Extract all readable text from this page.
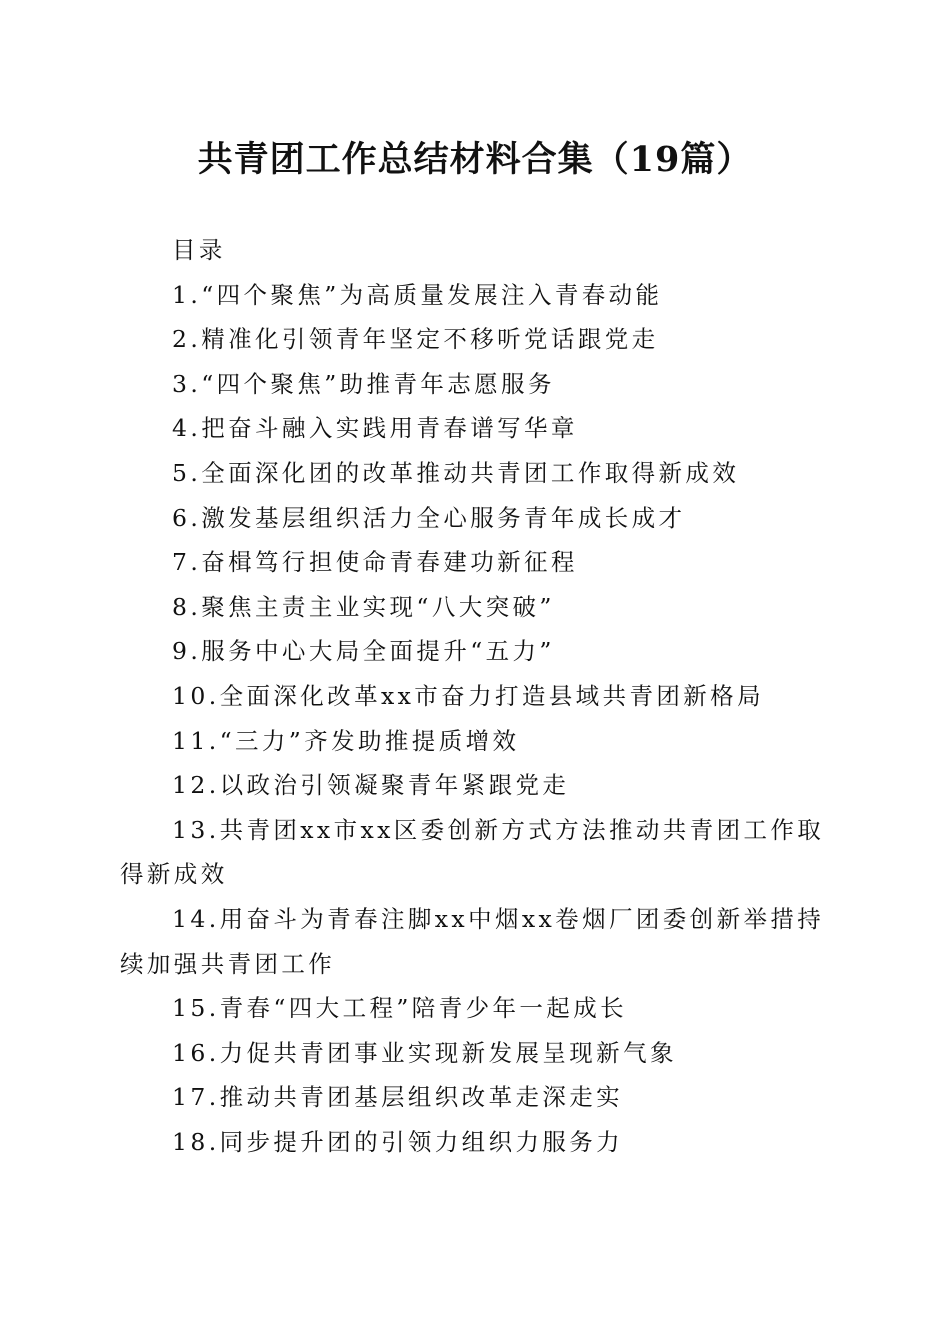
共青团工作总结材料合集（19篇）
目录
1.“四个聚焦”为高质量发展注入青春动能
2.精准化引领青年坚定不移听党话跟党走
3.“四个聚焦”助推青年志愿服务
4.把奋斗融入实践用青春谱写华章
5.全面深化团的改革推动共青团工作取得新成效
6.激发基层组织活力全心服务青年成长成才
7.奋楫笃行担使命青春建功新征程
8.聚焦主责主业实现“八大突破”
9.服务中心大局全面提升“五力”
10.全面深化改革xx市奋力打造县域共青团新格局
11.“三力”齐发助推提质增效
12.以政治引领凝聚青年紧跟党走
13.共青团xx市xx区委创新方式方法推动共青团工作取得新成效
14.用奋斗为青春注脚xx中烟xx卷烟厂团委创新举措持续加强共青团工作
15.青春“四大工程”陪青少年一起成长
16.力促共青团事业实现新发展呈现新气象
17.推动共青团基层组织改革走深走实
18.同步提升团的引领力组织力服务力
